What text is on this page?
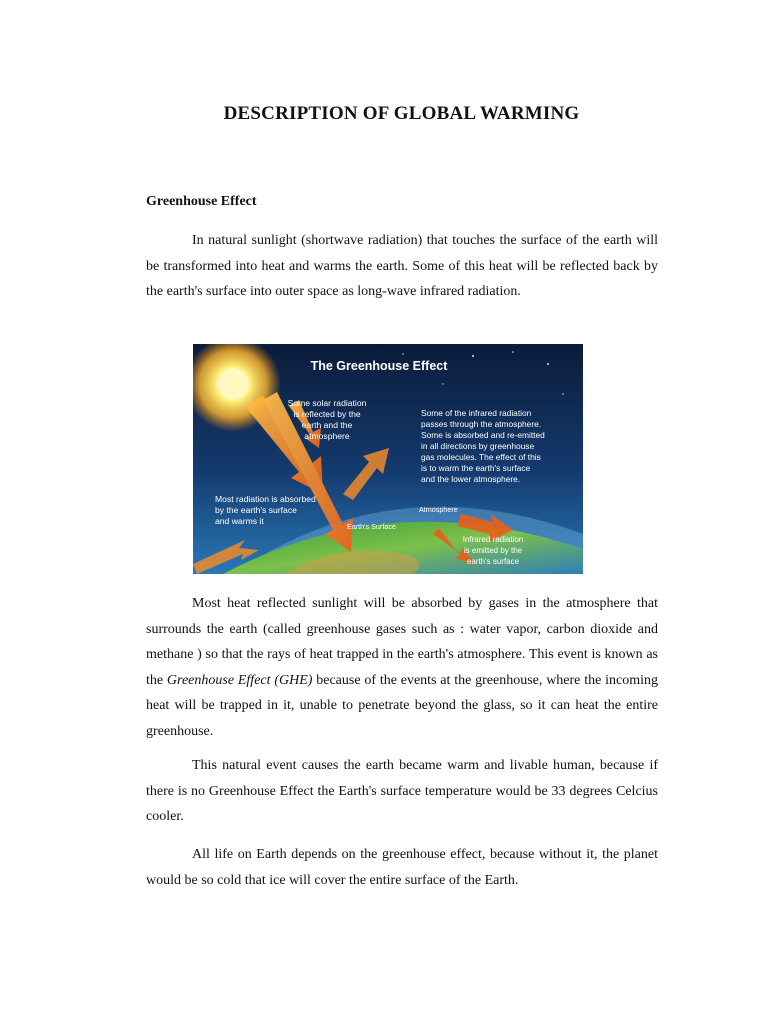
DESCRIPTION OF GLOBAL WARMING
Greenhouse Effect

In natural sunlight (shortwave radiation) that touches the surface of the earth will be transformed into heat and warms the earth. Some of this heat will be reflected back by the earth's surface into outer space as long-wave infrared radiation.

The Greenhouse Effect
Some solar radiation
is reflected by the
earth and the
atmosphere
Some of the infrared radiation
passes through the atmosphere.
Some is absorbed and re-emitted
in all directions by greenhouse
gas molecules. The effect of this
is to warm the earth's surface
and the lower atmosphere.
Most radiation is absorbed
by the earth's surface
and warms it
Atmosphere
Earth's Surface
Infrared radiation
is emitted by the
earth's surface

Most heat reflected sunlight will be absorbed by gases in the atmosphere that surrounds the earth (called greenhouse gases such as : water vapor, carbon dioxide and methane ) so that the rays of heat trapped in the earth's atmosphere. This event is known as the Greenhouse Effect (GHE) because of the events at the greenhouse, where the incoming heat will be trapped in it, unable to penetrate beyond the glass, so it can heat the entire greenhouse.

This natural event causes the earth became warm and livable human, because if there is no Greenhouse Effect the Earth's surface temperature would be 33 degrees Celcius cooler.

All life on Earth depends on the greenhouse effect, because without it, the planet would be so cold that ice will cover the entire surface of the Earth.
